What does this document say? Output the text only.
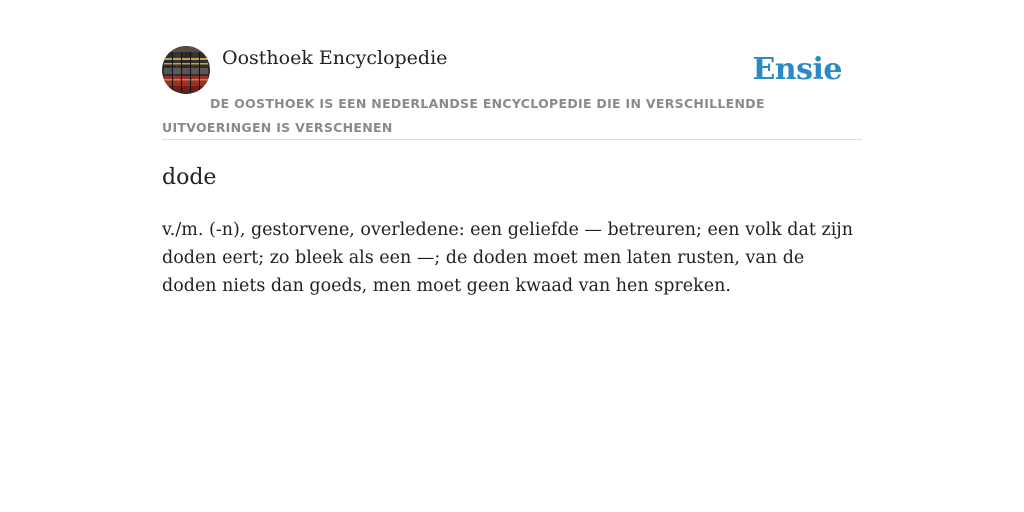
Oosthoek Encyclopedie	Ensie
DE OOSTHOEK IS EEN NEDERLANDSE ENCYCLOPEDIE DIE IN VERSCHILLENDE UITVOERINGEN IS VERSCHENEN
dode

v./m. (-n), gestorvene, overledene: een geliefde — betreuren; een volk dat zijn doden eert; zo bleek als een —; de doden moet men laten rusten, van de doden niets dan goeds, men moet geen kwaad van hen spreken.
